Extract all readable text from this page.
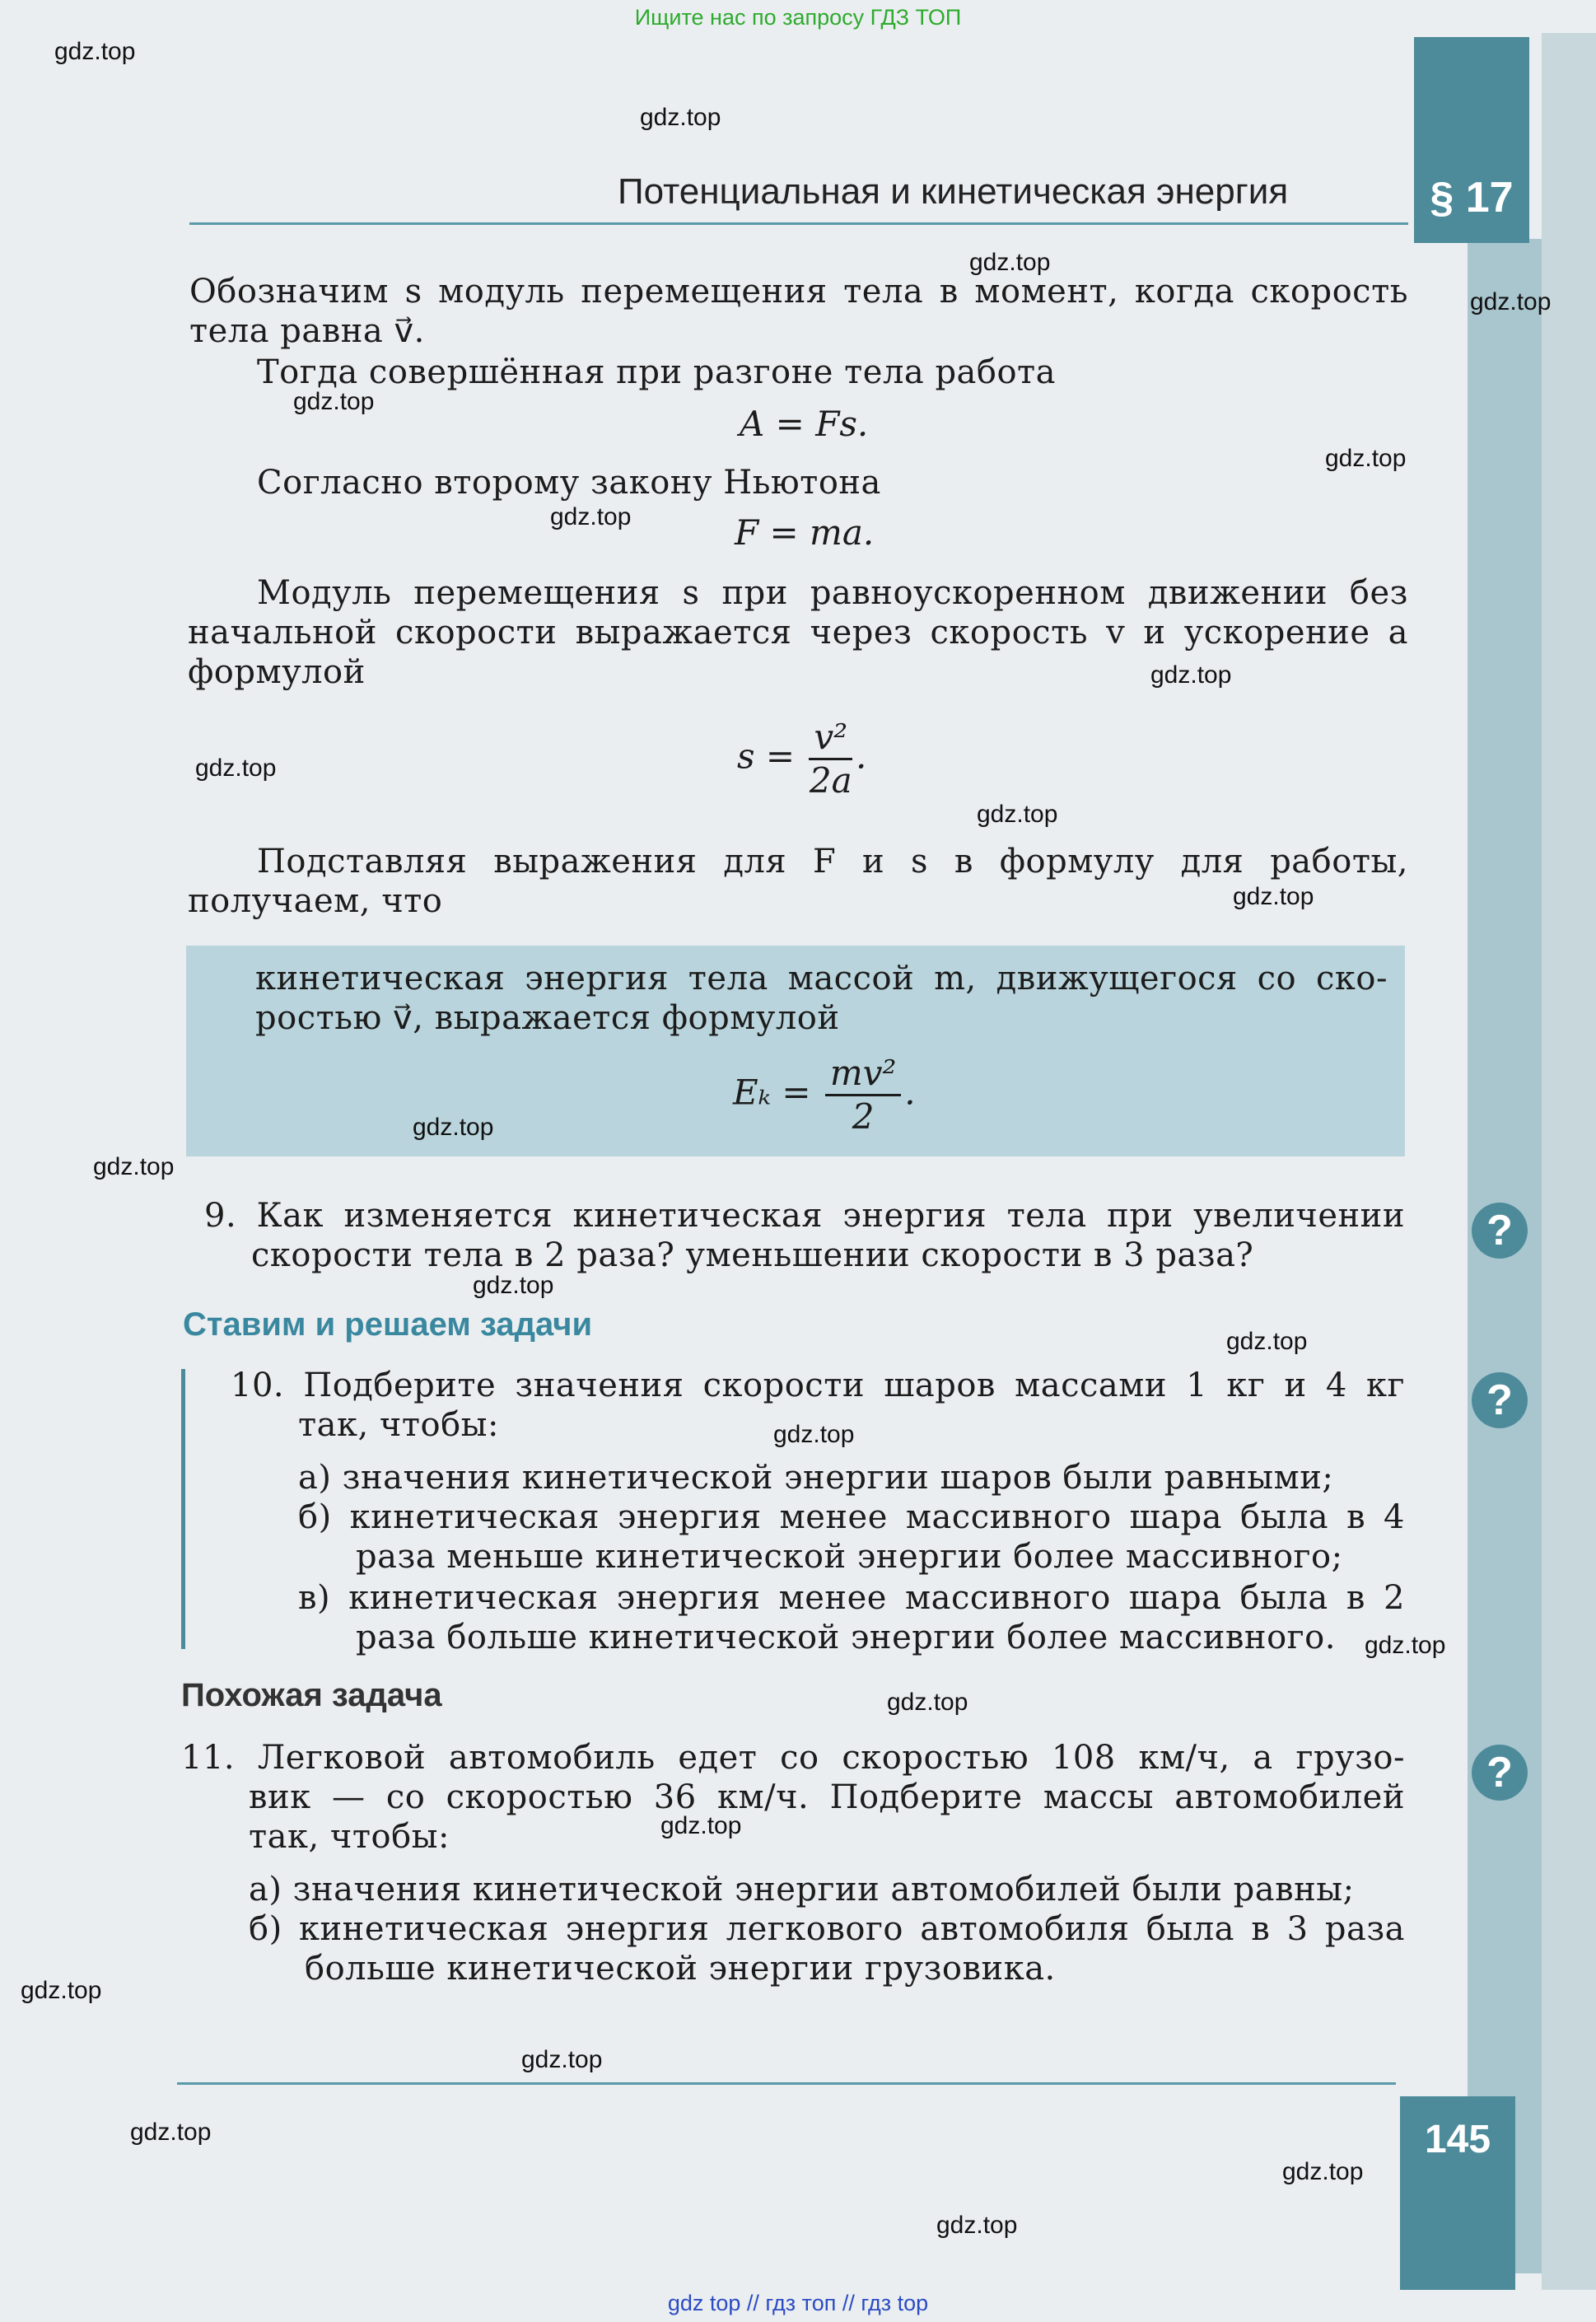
Ищите нас по запросу ГДЗ ТОП
gdz top // гдз топ // гдз top
§ 17
145
Потенциальная и кинетическая энергия
Обозначим s модуль перемещения тела в момент, когда скорость
тела равна v⃗.
Тогда совершённая при разгоне тела работа
A = Fs.
Согласно второму закону Ньютона
F = ma.
Модуль перемещения s при равноускоренном движении без
начальной скорости выражается через скорость v и ускорение a
формулой
$s = \frac{\text{v²}}{2a}$ .
Подставляя выражения для F и s в формулу для работы,
получаем, что
кинетическая энергия тела массой m, движущегося со ско-
ростью v⃗, выражается формулой
$E_k = \frac{\text{mv²}}{2}$ .
9. Как изменяется кинетическая энергия тела при увеличении
скорости тела в 2 раза? уменьшении скорости в 3 раза?
?
Ставим и решаем задачи
10. Подберите значения скорости шаров массами 1 кг и 4 кг
так, чтобы:
а) значения кинетической энергии шаров были равными;
б) кинетическая энергия менее массивного шара была в 4
раза меньше кинетической энергии более массивного;
в) кинетическая энергия менее массивного шара была в 2
раза больше кинетической энергии более массивного.
?
Похожая задача
11. Легковой автомобиль едет со скоростью 108 км/ч, а грузо-
вик — со скоростью 36 км/ч. Подберите массы автомобилей
так, чтобы:
а) значения кинетической энергии автомобилей были равны;
б) кинетическая энергия легкового автомобиля была в 3 раза
больше кинетической энергии грузовика.
?
gdz.top
gdz.top
gdz.top
gdz.top
gdz.top
gdz.top
gdz.top
gdz.top
gdz.top
gdz.top
gdz.top
gdz.top
gdz.top
gdz.top
gdz.top
gdz.top
gdz.top
gdz.top
gdz.top
gdz.top
gdz.top
gdz.top
gdz.top
gdz.top
